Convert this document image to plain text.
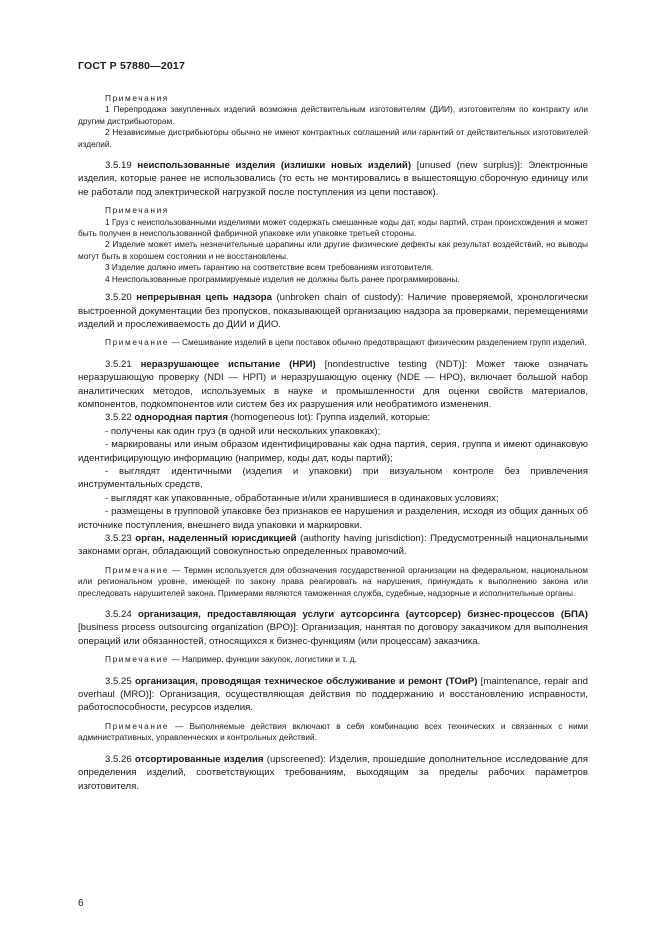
ГОСТ Р 57880—2017

Примечания

1 Перепродажа закупленных изделий возможна действительным изготовителям (ДИИ), изготовителям по контракту или другим дистрибьюторам.

2 Независимые дистрибьюторы обычно не имеют контрактных соглашений или гарантий от действительных изготовителей изделий.

3.5.19 неиспользованные изделия (излишки новых изделий) [unused (new surplus)]: Электронные изделия, которые ранее не использовались (то есть не монтировались в вышестоящую сборочную единицу или не работали под электрической нагрузкой после поступления из цепи поставок).

Примечания

1 Груз с неиспользованными изделиями может содержать смешанные коды дат, коды партий, стран происхождения и может быть получен в неиспользованной фабричной упаковке или упаковке третьей стороны.

2 Изделие может иметь незначительные царапины или другие физические дефекты как результат воздействий, но выводы могут быть в хорошем состоянии и не восстановлены.

3 Изделие должно иметь гарантию на соответствие всем требованиям изготовителя.

4 Неиспользованные программируемые изделия не должны быть ранее программированы.

3.5.20 непрерывная цепь надзора (unbroken chain of custody): Наличие проверяемой, хронологически выстроенной документации без пропусков, показывающей организацию надзора за проверками, перемещениями изделий и прослеживаемость до ДИИ и ДИО.

Примечание — Смешивание изделий в цепи поставок обычно предотвращают физическим разделением групп изделий.

3.5.21 неразрушающее испытание (НРИ) [nondestructive testing (NDT)]: Может также означать неразрушающую проверку (NDI — НРП) и неразрушающую оценку (NDE — НРО), включает большой набор аналитических методов, используемых в науке и промышленности для оценки свойств материалов, компонентов, подкомпонентов или систем без их разрушения или необратимого изменения.

3.5.22 однородная партия (homogeneous lot): Группа изделий, которые:

- получены как один груз (в одной или нескольких упаковках);

- маркированы или иным образом идентифицированы как одна партия, серия, группа и имеют одинаковую идентифицирующую информацию (например, коды дат, коды партий);

- выглядят идентичными (изделия и упаковки) при визуальном контроле без привлечения инструментальных средств,

- выглядят как упакованные, обработанные и/или хранившиеся в одинаковых условиях;

- размещены в групповой упаковке без признаков ее нарушения и разделения, исходя из общих данных об источнике поступления, внешнего вида упаковки и маркировки.

3.5.23 орган, наделенный юрисдикцией (authority having jurisdiction): Предусмотренный национальными законами орган, обладающий совокупностью определенных правомочий.

Примечание — Термин используется для обозначения государственной организации на федеральном, национальном или региональном уровне, имеющей по закону права реагировать на нарушения, принуждать к выполнению закона или преследовать нарушителей закона. Примерами являются таможенная служба, судебные, надзорные и исполнительные органы.

3.5.24 организация, предоставляющая услуги аутсорсинга (аутсорсер) бизнес-процессов (БПА) [business process outsourcing organization (BPO)]: Организация, нанятая по договору заказчиком для выполнения операций или обязанностей, относящихся к бизнес-функциям (или процессам) заказчика.

Примечание — Например, функции закупок, логистики и т. д.

3.5.25 организация, проводящая техническое обслуживание и ремонт (ТОиР) [maintenance, repair and overhaul (MRO)]: Организация, осуществляющая действия по поддержанию и восстановлению исправности, работоспособности, ресурсов изделия.

Примечание — Выполняемые действия включают в себя комбинацию всех технических и связанных с ними административных, управленческих и контрольных действий.

3.5.26 отсортированные изделия (upscreened): Изделия, прошедшие дополнительное исследование для определения изделий, соответствующих требованиям, выходящим за пределы рабочих параметров изготовителя.

6
